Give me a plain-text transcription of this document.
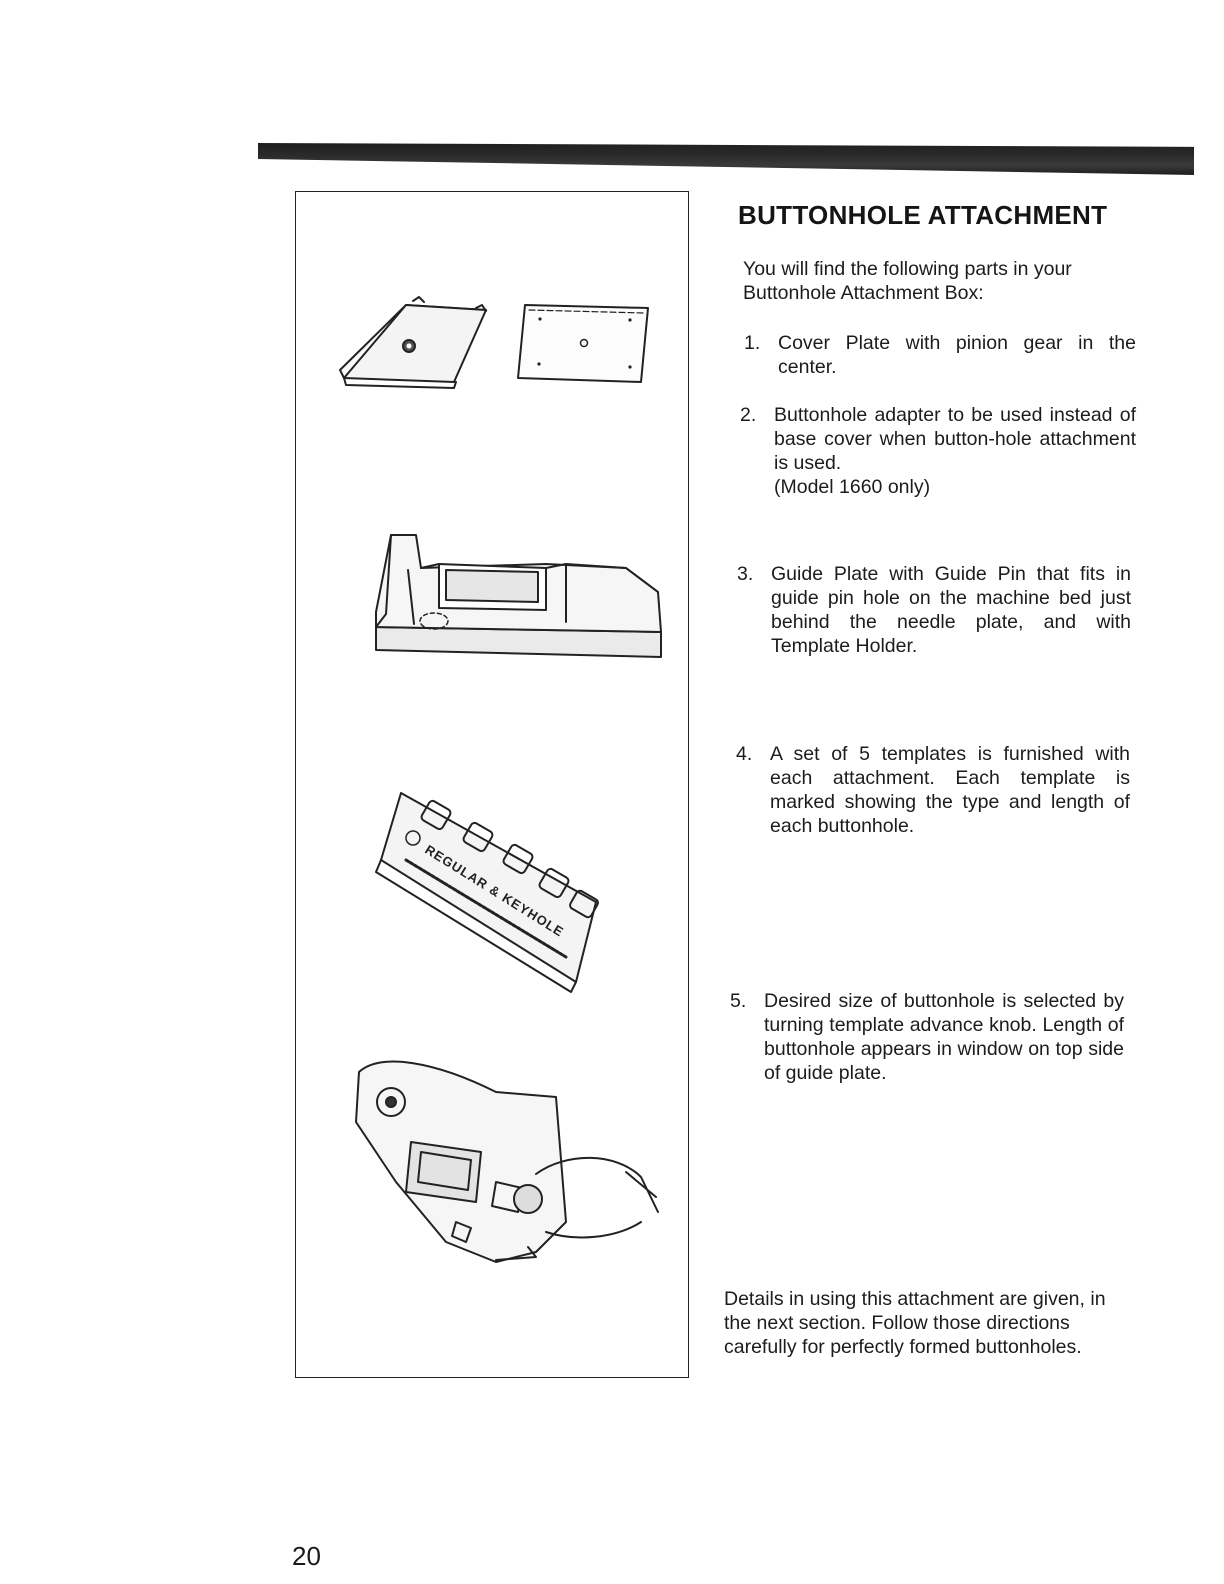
REGULAR & KEYHOLE
BUTTONHOLE ATTACHMENT

You will find the following parts in your Buttonhole Attachment Box:

1. Cover Plate with pinion gear in the center.
2. Buttonhole adapter to be used instead of base cover when button-hole attachment is used.
(Model 1660 only)
3. Guide Plate with Guide Pin that fits in guide pin hole on the machine bed just behind the needle plate, and with Template Holder.
4. A set of 5 templates is furnished with each attachment. Each template is marked showing the type and length of each buttonhole.
5. Desired size of buttonhole is selected by turning template advance knob. Length of buttonhole appears in window on top side of guide plate.

Details in using this attachment are given, in the next section. Follow those directions carefully for perfectly formed buttonholes.

20
